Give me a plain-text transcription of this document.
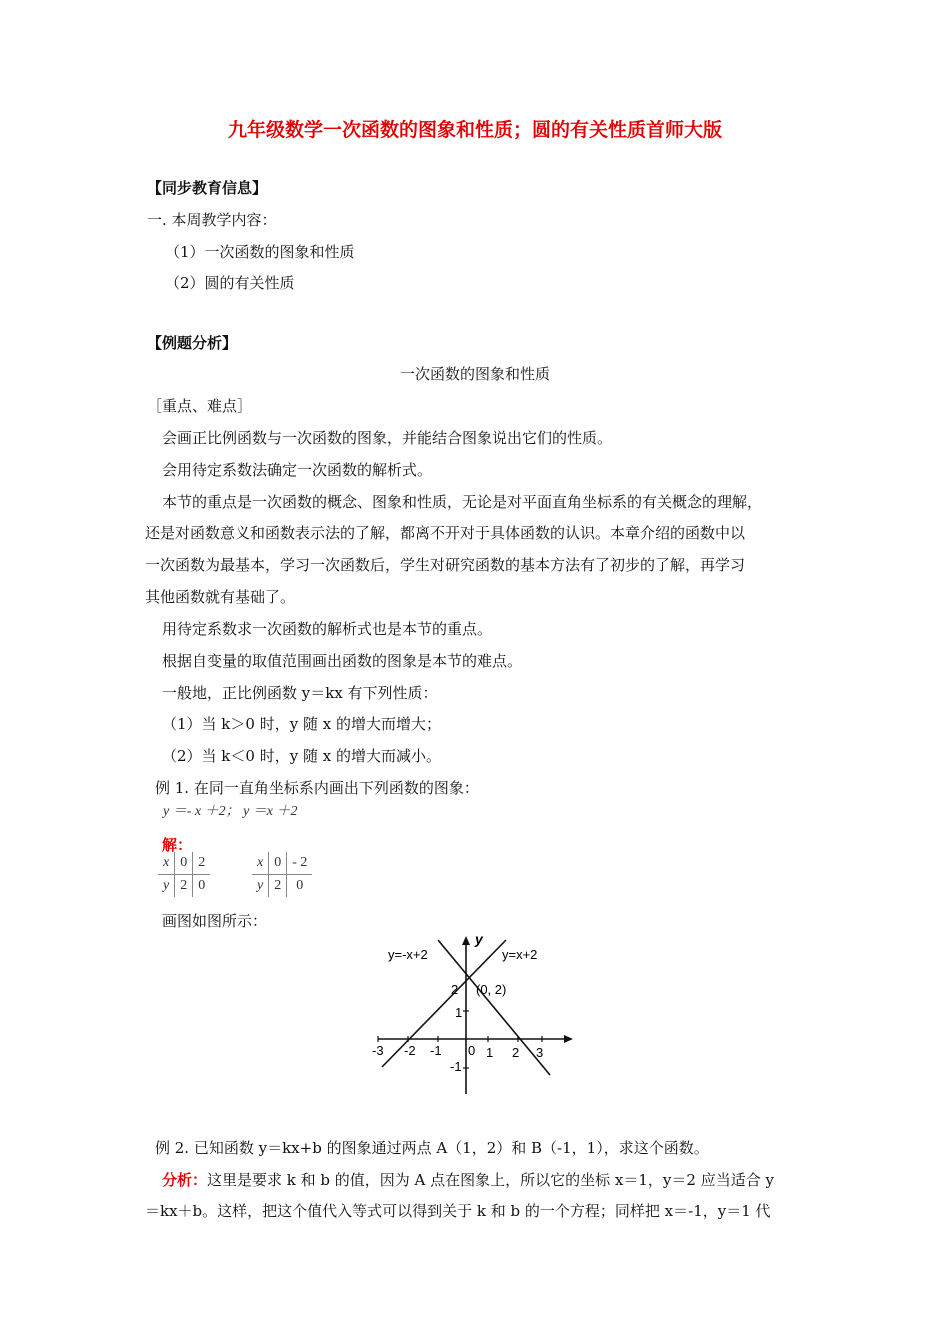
九年级数学一次函数的图象和性质；圆的有关性质首师大版
【同步教育信息】
一. 本周教学内容：
（1）一次函数的图象和性质
（2）圆的有关性质
【例题分析】
一次函数的图象和性质
［重点、难点］
会画正比例函数与一次函数的图象，并能结合图象说出它们的性质。
会用待定系数法确定一次函数的解析式。
本节的重点是一次函数的概念、图象和性质，无论是对平面直角坐标系的有关概念的理解，
还是对函数意义和函数表示法的了解，都离不开对于具体函数的认识。本章介绍的函数中以
一次函数为最基本，学习一次函数后，学生对研究函数的基本方法有了初步的了解，再学习
其他函数就有基础了。
用待定系数求一次函数的解析式也是本节的重点。
根据自变量的取值范围画出函数的图象是本节的难点。
一般地，正比例函数 y＝kx 有下列性质：
（1）当 k＞0 时，y 随 x 的增大而增大；
（2）当 k＜0 时，y 随 x 的增大而减小。
例 1. 在同一直角坐标系内画出下列函数的图象：
y ＝- x ＋2； y ＝x ＋2
解：
x	0	2
y	2	0
x	0	- 2
y	2	0
画图如图所示：
y=-x+2	y=x+2
y
(0, 2)
2
1
-1
-3 -2 -1 0 1 2 3
例 2. 已知函数 y＝kx+b 的图象通过两点 A（1，2）和 B（-1，1），求这个函数。
分析：这里是要求 k 和 b 的值，因为 A 点在图象上，所以它的坐标 x＝1，y＝2 应当适合 y
＝kx＋b。这样，把这个值代入等式可以得到关于 k 和 b 的一个方程；同样把 x＝-1，y＝1 代
